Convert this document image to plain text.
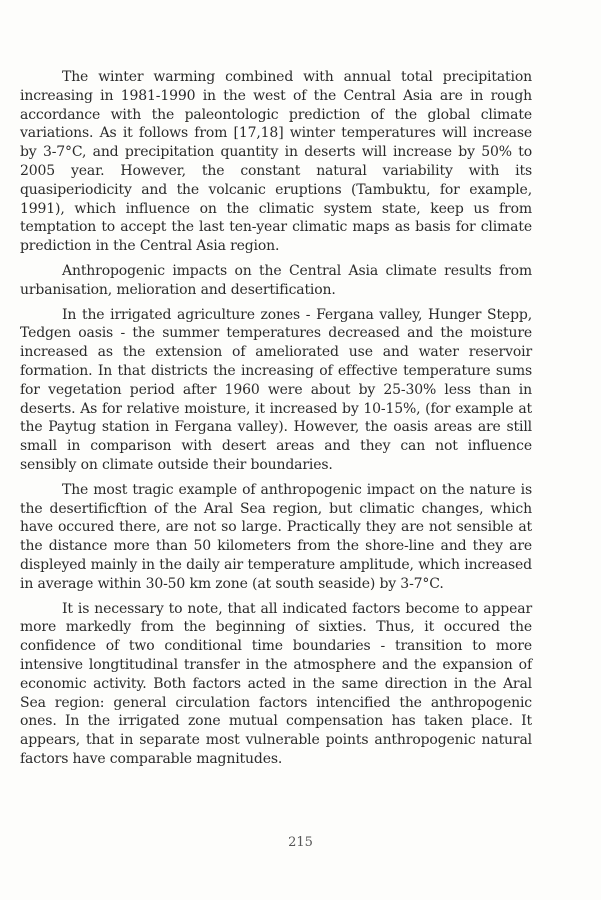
The winter warming combined with annual total precipitation increasing in 1981-1990 in the west of the Central Asia are in rough accordance with the paleontologic prediction of the global climate variations. As it follows from [17,18] winter temperatures will increase by 3-7°C, and precipitation quantity in deserts will increase by 50% to 2005 year. However, the constant natural variability with its quasiperiodicity and the volcanic eruptions (Tambuktu, for example, 1991), which influence on the climatic system state, keep us from temptation to accept the last ten-year climatic maps as basis for climate prediction in the Central Asia region.

Anthropogenic impacts on the Central Asia climate results from urbanisation, melioration and desertification.

In the irrigated agriculture zones - Fergana valley, Hunger Stepp, Tedgen oasis - the summer temperatures decreased and the moisture increased as the extension of ameliorated use and water reservoir formation. In that districts the increasing of effective temperature sums for vegetation period after 1960 were about by 25-30% less than in deserts. As for relative moisture, it increased by 10-15%, (for example at the Paytug station in Fergana valley). However, the oasis areas are still small in comparison with desert areas and they can not influence sensibly on climate outside their boundaries.

The most tragic example of anthropogenic impact on the nature is the desertificftion of the Aral Sea region, but climatic changes, which have occured there, are not so large. Practically they are not sensible at the distance more than 50 kilometers from the shore-line and they are displeyed mainly in the daily air temperature amplitude, which increased in average within 30-50 km zone (at south seaside) by 3-7°C.

It is necessary to note, that all indicated factors become to appear more markedly from the beginning of sixties. Thus, it occured the confidence of two conditional time boundaries - transition to more intensive longtitudinal transfer in the atmosphere and the expansion of economic activity. Both factors acted in the same direction in the Aral Sea region: general circulation factors intencified the anthropogenic ones. In the irrigated zone mutual compensation has taken place. It appears, that in separate most vulnerable points anthropogenic natural factors have comparable magnitudes.

215
